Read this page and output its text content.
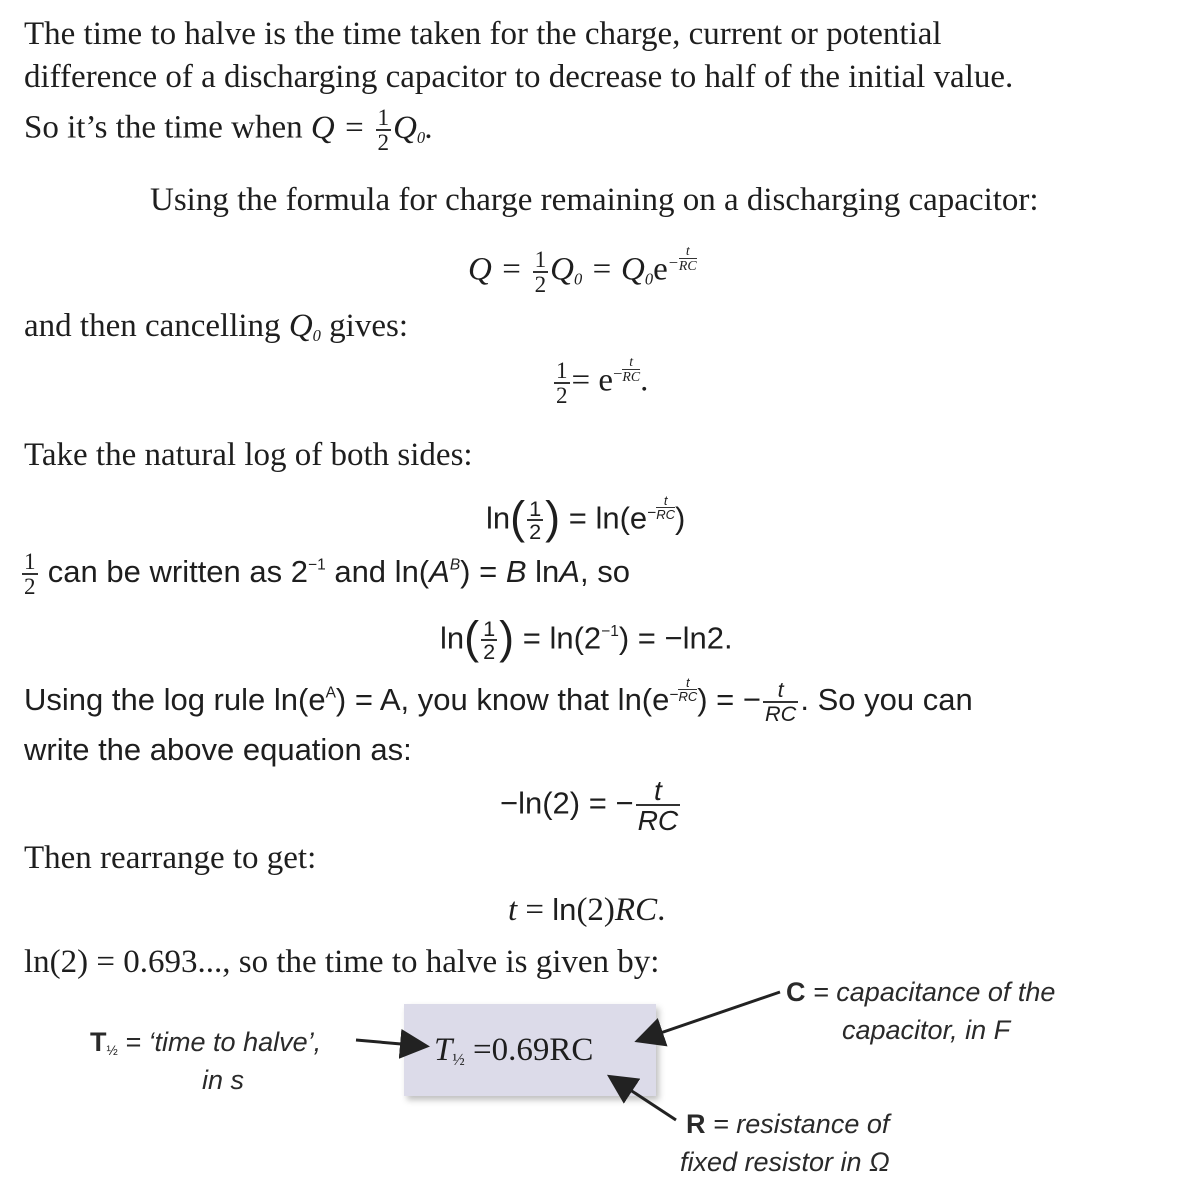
The time to halve is the time taken for the charge, current or potential
difference of a discharging capacitor to decrease to half of the initial value.
So it’s the time when $Q = \frac{1}{2} Q_0$.
Using the formula for charge remaining on a discharging capacitor:
$Q = \frac{1}{2} Q_0 = Q_0e^- \frac{t}{RC}$
and then cancelling $Q_0$ gives:
$\frac{1}{2} = e^- \frac{t}{RC}$ .
Take the natural log of both sides:
$\ln( \frac{1}{2}$ ) = $\ln(e^- \frac{t}{RC}$ )
$\frac{1}{2}$ can be written as $2^{-1}$ and $\ln(A^B) = B$ lnA, so
$\ln( \frac{1}{2}$ ) = $\ln(2^{-1}) = -\ln 2$.
Using the log rule $\ln(e^A) = A$, you know that $\ln(e^- \frac{t}{RC}$ ) = − $\frac{t}{RC}$ . So you can
write the above equation as:
−ln(2) = − $\frac{t}{RC}$
Then rearrange to get:
t = ln(2)RC.
ln(2) = 0.693..., so the time to halve is given by:
$T_{\frac{1}{2}} =0.69RC$
$T_{\frac{1}{2}}$ = ‘time to halve’,
in s
C = capacitance of the
capacitor, in F
R = resistance of
fixed resistor in Ω
